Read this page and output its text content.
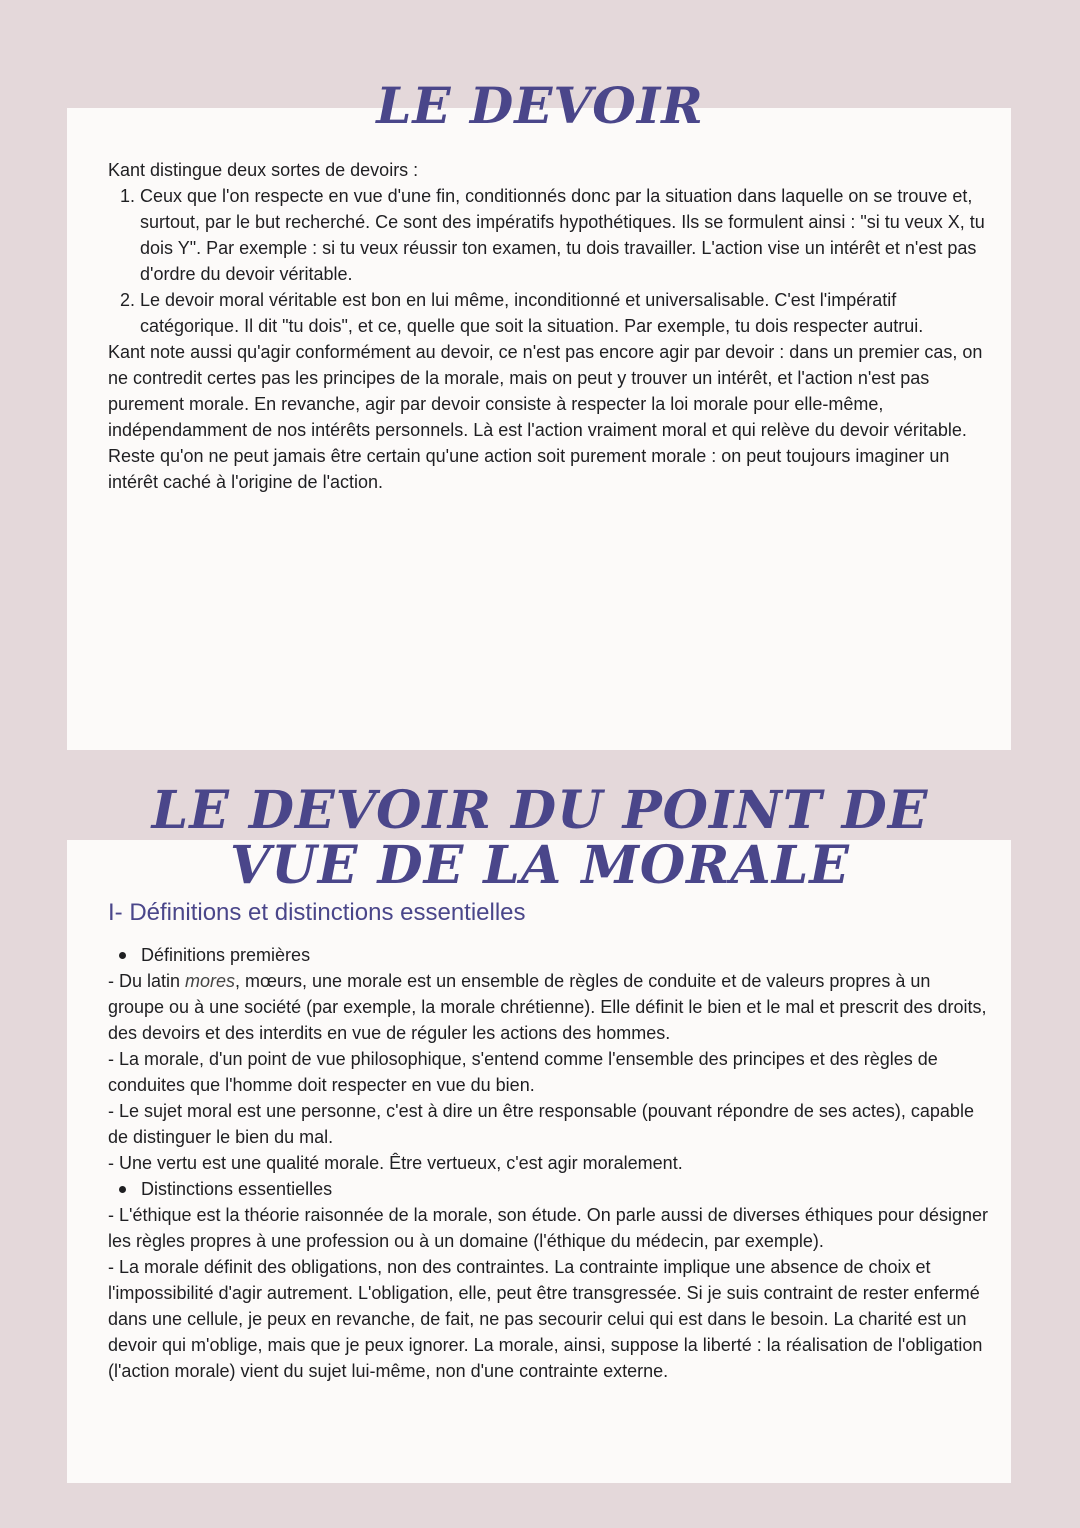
LE DEVOIR

Kant distingue deux sortes de devoirs :

1. Ceux que l'on respecte en vue d'une fin, conditionnés donc par la situation dans laquelle on se trouve et, surtout, par le but recherché. Ce sont des impératifs hypothétiques. Ils se formulent ainsi : "si tu veux X, tu dois Y". Par exemple : si tu veux réussir ton examen, tu dois travailler. L'action vise un intérêt et n'est pas d'ordre du devoir véritable.
2. Le devoir moral véritable est bon en lui même, inconditionné et universalisable. C'est l'impératif catégorique. Il dit "tu dois", et ce, quelle que soit la situation. Par exemple, tu dois respecter autrui.

Kant note aussi qu'agir conformément au devoir, ce n'est pas encore agir par devoir : dans un premier cas, on ne contredit certes pas les principes de la morale, mais on peut y trouver un intérêt, et l'action n'est pas purement morale. En revanche, agir par devoir consiste à respecter la loi morale pour elle-même, indépendamment de nos intérêts personnels. Là est l'action vraiment moral et qui relève du devoir véritable. Reste qu'on ne peut jamais être certain qu'une action soit purement morale : on peut toujours imaginer un intérêt caché à l'origine de l'action.

LE DEVOIR DU POINT DE
VUE DE LA MORALE
I- Définitions et distinctions essentielles
Définitions premières

- Du latin mores, mœurs, une morale est un ensemble de règles de conduite et de valeurs propres à un groupe ou à une société (par exemple, la morale chrétienne). Elle définit le bien et le mal et prescrit des droits, des devoirs et des interdits en vue de réguler les actions des hommes.

- La morale, d'un point de vue philosophique, s'entend comme l'ensemble des principes et des règles de conduites que l'homme doit respecter en vue du bien.

- Le sujet moral est une personne, c'est à dire un être responsable (pouvant répondre de ses actes), capable de distinguer le bien du mal.

- Une vertu est une qualité morale. Être vertueux, c'est agir moralement.

Distinctions essentielles

- L'éthique est la théorie raisonnée de la morale, son étude. On parle aussi de diverses éthiques pour désigner les règles propres à une profession ou à un domaine (l'éthique du médecin, par exemple).

- La morale définit des obligations, non des contraintes. La contrainte implique une absence de choix et l'impossibilité d'agir autrement. L'obligation, elle, peut être transgressée. Si je suis contraint de rester enfermé dans une cellule, je peux en revanche, de fait, ne pas secourir celui qui est dans le besoin. La charité est un devoir qui m'oblige, mais que je peux ignorer. La morale, ainsi, suppose la liberté : la réalisation de l'obligation (l'action morale) vient du sujet lui-même, non d'une contrainte externe.
